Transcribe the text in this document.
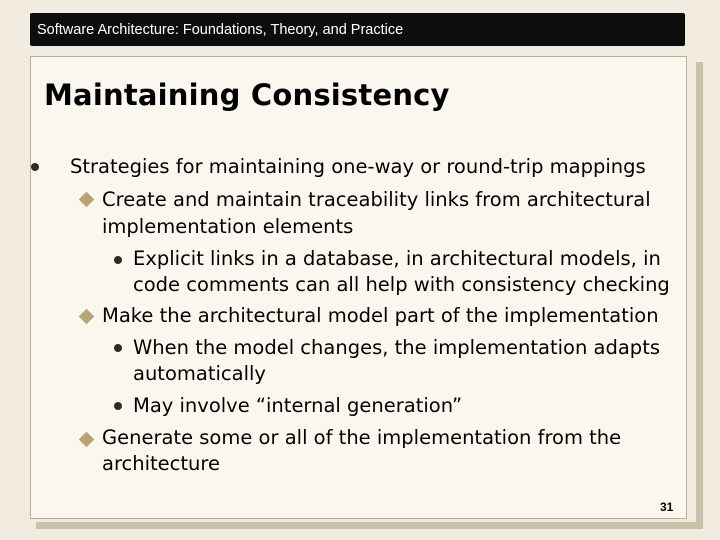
Software Architecture: Foundations, Theory, and Practice
Maintaining Consistency
Strategies for maintaining one-way or round-trip mappings
Create and maintain traceability links from architectural
implementation elements
Explicit links in a database, in architectural models, in
code comments can all help with consistency checking
Make the architectural model part of the implementation
When the model changes, the implementation adapts
automatically
May involve “internal generation”
Generate some or all of the implementation from the
architecture
31
